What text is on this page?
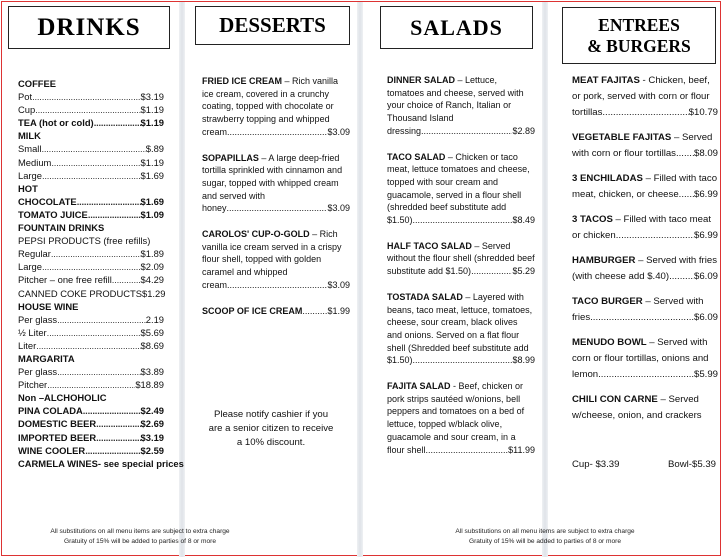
DRINKS	DESSERTS	SALADS	ENTREES
& BURGERS
COFFEE
Pot .....	$3.19
Cup .....	$1.19
TEA (hot or cold) .....	$1.19
MILK
Small .....	$.89
Medium .....	$1.19
Large .....	$1.69
HOT
CHOCOLATE .....	$1.69
TOMATO JUICE .....	$1.09
FOUNTAIN DRINKS
PEPSI PRODUCTS (free refills)
Regular .....	$1.89
Large .....	$2.09
Pitcher – one free refill .....	$4.29
CANNED COKE PRODUCTS $1.29
HOUSE WINE
Per glass .....	2.19
½ Liter .....	$5.69
Liter .....	$8.69
MARGARITA
Per glass .....	$3.89
Pitcher .....	$18.89
Non –ALCHOHOLIC
PINA COLADA .....	$2.49
DOMESTIC BEER .....	$2.69
IMPORTED BEER .....	$3.19
WINE COOLER .....	$2.59
CARMELA WINES- see special prices
FRIED ICE CREAM – Rich vanilla ice cream, covered in a crunchy coating, topped with chocolate or strawberry topping and whipped
cream .....	$3.09
SOPAPILLAS – A large deep-fried tortilla sprinkled with cinnamon and sugar, topped with whipped cream and served with
honey .....	$3.09
CAROLOS' CUP-O-GOLD – Rich vanilla ice cream served in a crispy flour shell, topped with golden caramel and whipped
cream .....	$3.09
SCOOP OF ICE CREAM .....	$1.99
Please notify cashier if you are a senior citizen to receive a 10% discount.
DINNER SALAD – Lettuce, tomatoes and cheese, served with your choice of Ranch, Italian or Thousand Island
dressing .....	$2.89
TACO SALAD – Chicken or taco meat, lettuce tomatoes and cheese, topped with sour cream and guacamole, served in a flour shell (shredded beef substitute add
$1.50) .....	$8.49
HALF TACO SALAD – Served without the flour shell (shredded beef
substitute add $1.50) .....	$5.29
TOSTADA SALAD – Layered with beans, taco meat, lettuce, tomatoes, cheese, sour cream, black olives and onions. Served on a flat flour shell (Shredded beef substitute add
$1.50) .....	$8.99
FAJITA SALAD - Beef, chicken or pork strips sautéed w/onions, bell peppers and tomatoes on a bed of lettuce, topped w/black olive, guacamole and sour cream, in a
flour shell .....	$11.99
MEAT FAJITAS - Chicken, beef, or pork, served with corn or flour
tortillas .....	$10.79
VEGETABLE FAJITAS – Served
with corn or flour tortillas ..... $8.09
3 ENCHILADAS – Filled with taco
meat, chicken, or cheese ..... $6.99
3 TACOS – Filled with taco meat
or chicken .....	$6.99
HAMBURGER – Served with fries
(with cheese add $.40) .....	$6.09
TACO BURGER – Served with
fries .....	$6.09
MENUDO BOWL – Served with corn or flour tortillas, onions and
lemon .....	$5.99
CHILI CON CARNE – Served w/cheese, onion, and crackers
Cup- $3.39	Bowl-$5.39
All substitutions on all menu items are subject to extra charge
Gratuity of 15% will be added to parties of 8 or more
All substitutions on all menu items are subject to extra charge
Gratuity of 15% will be added to parties of 8 or more
